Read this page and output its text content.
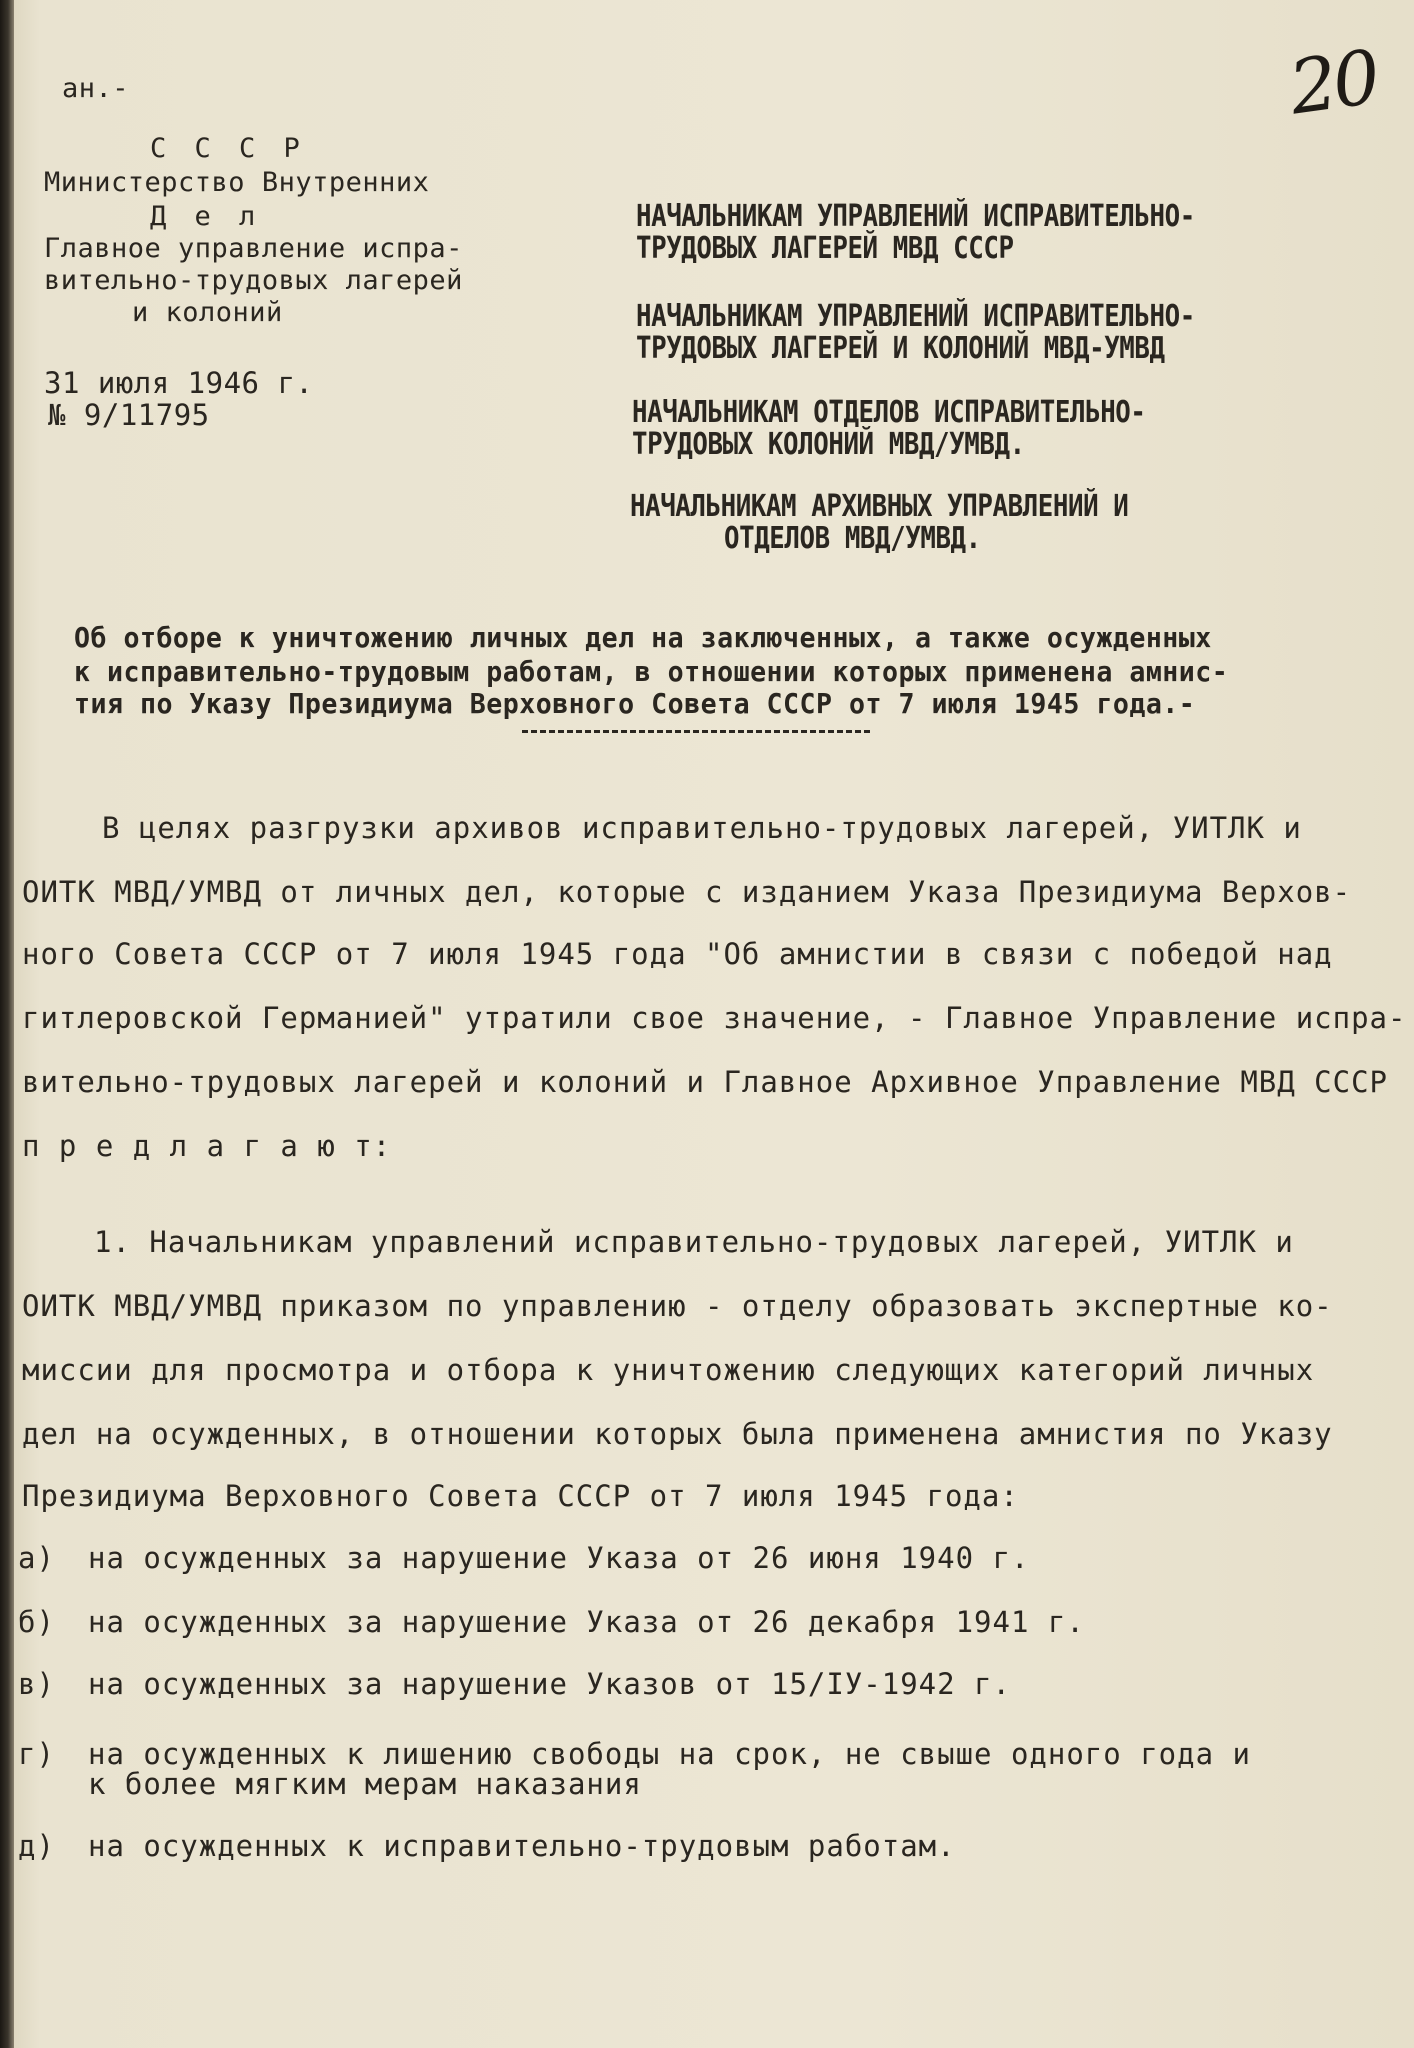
20
ан.-
С С С Р
Министерство Внутренних
Д е л
Главное управление испра-
вительно-трудовых лагерей
и колоний
31 июля 1946 г.
№ 9/11795
НАЧАЛЬНИКАМ УПРАВЛЕНИЙ ИСПРАВИТЕЛЬНО-
ТРУДОВЫХ ЛАГЕРЕЙ МВД СССР
НАЧАЛЬНИКАМ УПРАВЛЕНИЙ ИСПРАВИТЕЛЬНО-
ТРУДОВЫХ ЛАГЕРЕЙ И КОЛОНИЙ МВД-УМВД
НАЧАЛЬНИКАМ ОТДЕЛОВ ИСПРАВИТЕЛЬНО-
ТРУДОВЫХ КОЛОНИЙ МВД/УМВД.
НАЧАЛЬНИКАМ АРХИВНЫХ УПРАВЛЕНИЙ И
ОТДЕЛОВ МВД/УМВД.
Об отборе к уничтожению личных дел на заключенных, а также осужденных
к исправительно-трудовым работам, в отношении которых применена амнис-
тия по Указу Президиума Верховного Совета СССР от 7 июля 1945 года.-
В целях разгрузки архивов исправительно-трудовых лагерей, УИТЛК и
ОИТК МВД/УМВД от личных дел, которые с изданием Указа Президиума Верхов-
ного Совета СССР от 7 июля 1945 года "Об амнистии в связи с победой над
гитлеровской Германией" утратили свое значение, - Главное Управление испра-
вительно-трудовых лагерей и колоний и Главное Архивное Управление МВД СССР
п р е д л а г а ю т:
1. Начальникам управлений исправительно-трудовых лагерей, УИТЛК и
ОИТК МВД/УМВД приказом по управлению - отделу образовать экспертные ко-
миссии для просмотра и отбора к уничтожению следующих категорий личных
дел на осужденных, в отношении которых была применена амнистия по Указу
Президиума Верховного Совета СССР от 7 июля 1945 года:
а) на осужденных за нарушение Указа от 26 июня 1940 г.
б) на осужденных за нарушение Указа от 26 декабря 1941 г.
в) на осужденных за нарушение Указов от 15/IУ-1942 г.
г) на осужденных к лишению свободы на срок, не свыше одного года и
к более мягким мерам наказания
д) на осужденных к исправительно-трудовым работам.
